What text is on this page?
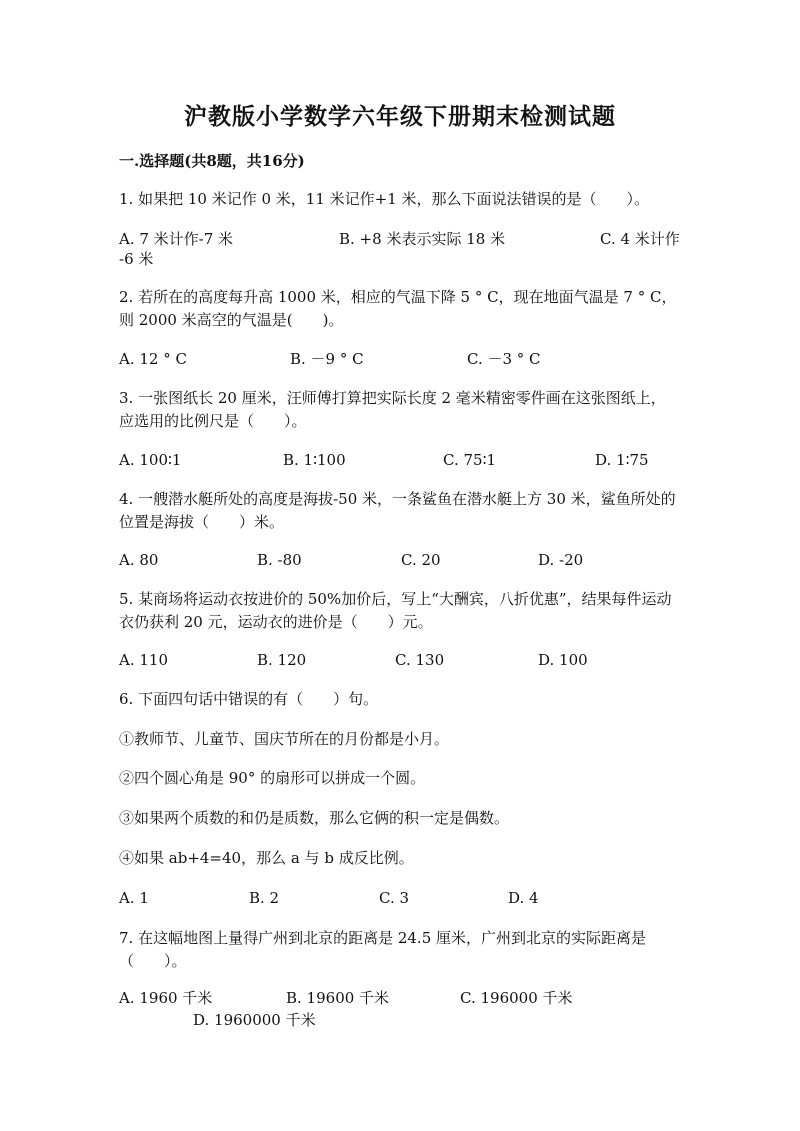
沪教版小学数学六年级下册期末检测试题
一.选择题(共8题，共16分)
1. 如果把 10 米记作 0 米，11 米记作+1 米，那么下面说法错误的是（　　）。
A. 7 米计作-7 米	B. +8 米表示实际 18 米	C. 4 米计作
-6 米
2. 若所在的高度每升高 1000 米，相应的气温下降 5 ° C，现在地面气温是 7 ° C，则 2000 米高空的气温是(　　)。
A. 12 ° C	B. －9 ° C	C. －3 ° C
3. 一张图纸长 20 厘米，汪师傅打算把实际长度 2 毫米精密零件画在这张图纸上，应选用的比例尺是（　　）。
A. 100∶1	B. 1∶100	C. 75∶1	D. 1∶75
4. 一艘潜水艇所处的高度是海拔-50 米，一条鲨鱼在潜水艇上方 30 米，鲨鱼所处的位置是海拔（　　）米。
A. 80	B. -80	C. 20	D. -20
5. 某商场将运动衣按进价的 50%加价后，写上“大酬宾，八折优惠”，结果每件运动衣仍获利 20 元，运动衣的进价是（　　）元。
A. 110	B. 120	C. 130	D. 100
6. 下面四句话中错误的有（　　）句。
①教师节、儿童节、国庆节所在的月份都是小月。
②四个圆心角是 90° 的扇形可以拼成一个圆。
③如果两个质数的和仍是质数，那么它俩的积一定是偶数。
④如果 ab+4=40，那么 a 与 b 成反比例。
A. 1	B. 2	C. 3	D. 4
7. 在这幅地图上量得广州到北京的距离是 24.5 厘米，广州到北京的实际距离是（　　）。
A. 1960 千米	B. 19600 千米	C. 196000 千米
D. 1960000 千米
